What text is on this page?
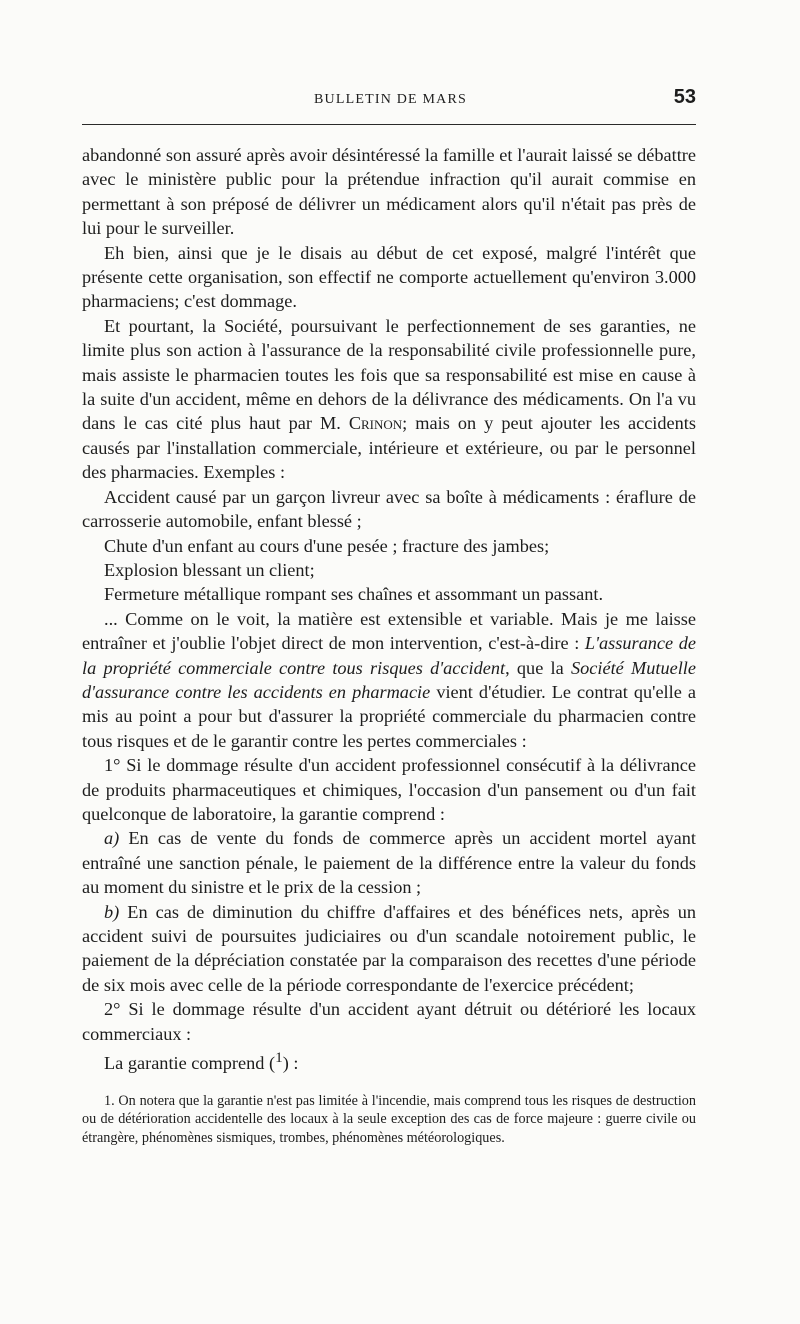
BULLETIN DE MARS	53

abandonné son assuré après avoir désintéressé la famille et l'aurait laissé se débattre avec le ministère public pour la prétendue infraction qu'il aurait commise en permettant à son préposé de délivrer un médicament alors qu'il n'était pas près de lui pour le surveiller.

Eh bien, ainsi que je le disais au début de cet exposé, malgré l'intérêt que présente cette organisation, son effectif ne comporte actuellement qu'environ 3.000 pharmaciens; c'est dommage.

Et pourtant, la Société, poursuivant le perfectionnement de ses garanties, ne limite plus son action à l'assurance de la responsabilité civile professionnelle pure, mais assiste le pharmacien toutes les fois que sa responsabilité est mise en cause à la suite d'un accident, même en dehors de la délivrance des médicaments. On l'a vu dans le cas cité plus haut par M. Crinon; mais on y peut ajouter les accidents causés par l'installation commerciale, intérieure et extérieure, ou par le personnel des pharmacies. Exemples :

Accident causé par un garçon livreur avec sa boîte à médicaments : éraflure de carrosserie automobile, enfant blessé ;

Chute d'un enfant au cours d'une pesée ; fracture des jambes;

Explosion blessant un client;

Fermeture métallique rompant ses chaînes et assommant un passant.

... Comme on le voit, la matière est extensible et variable. Mais je me laisse entraîner et j'oublie l'objet direct de mon intervention, c'est-à-dire : L'assurance de la propriété commerciale contre tous risques d'accident, que la Société Mutuelle d'assurance contre les accidents en pharmacie vient d'étudier. Le contrat qu'elle a mis au point a pour but d'assurer la propriété commerciale du pharmacien contre tous risques et de le garantir contre les pertes commerciales :

1° Si le dommage résulte d'un accident professionnel consécutif à la délivrance de produits pharmaceutiques et chimiques, l'occasion d'un pansement ou d'un fait quelconque de laboratoire, la garantie comprend :

a) En cas de vente du fonds de commerce après un accident mortel ayant entraîné une sanction pénale, le paiement de la différence entre la valeur du fonds au moment du sinistre et le prix de la cession ;

b) En cas de diminution du chiffre d'affaires et des bénéfices nets, après un accident suivi de poursuites judiciaires ou d'un scandale notoirement public, le paiement de la dépréciation constatée par la comparaison des recettes d'une période de six mois avec celle de la période correspondante de l'exercice précédent;

2° Si le dommage résulte d'un accident ayant détruit ou détérioré les locaux commerciaux :

La garantie comprend ($^1$) :

1. On notera que la garantie n'est pas limitée à l'incendie, mais comprend tous les risques de destruction ou de détérioration accidentelle des locaux à la seule exception des cas de force majeure : guerre civile ou étrangère, phénomènes sismiques, trombes, phénomènes météorologiques.
